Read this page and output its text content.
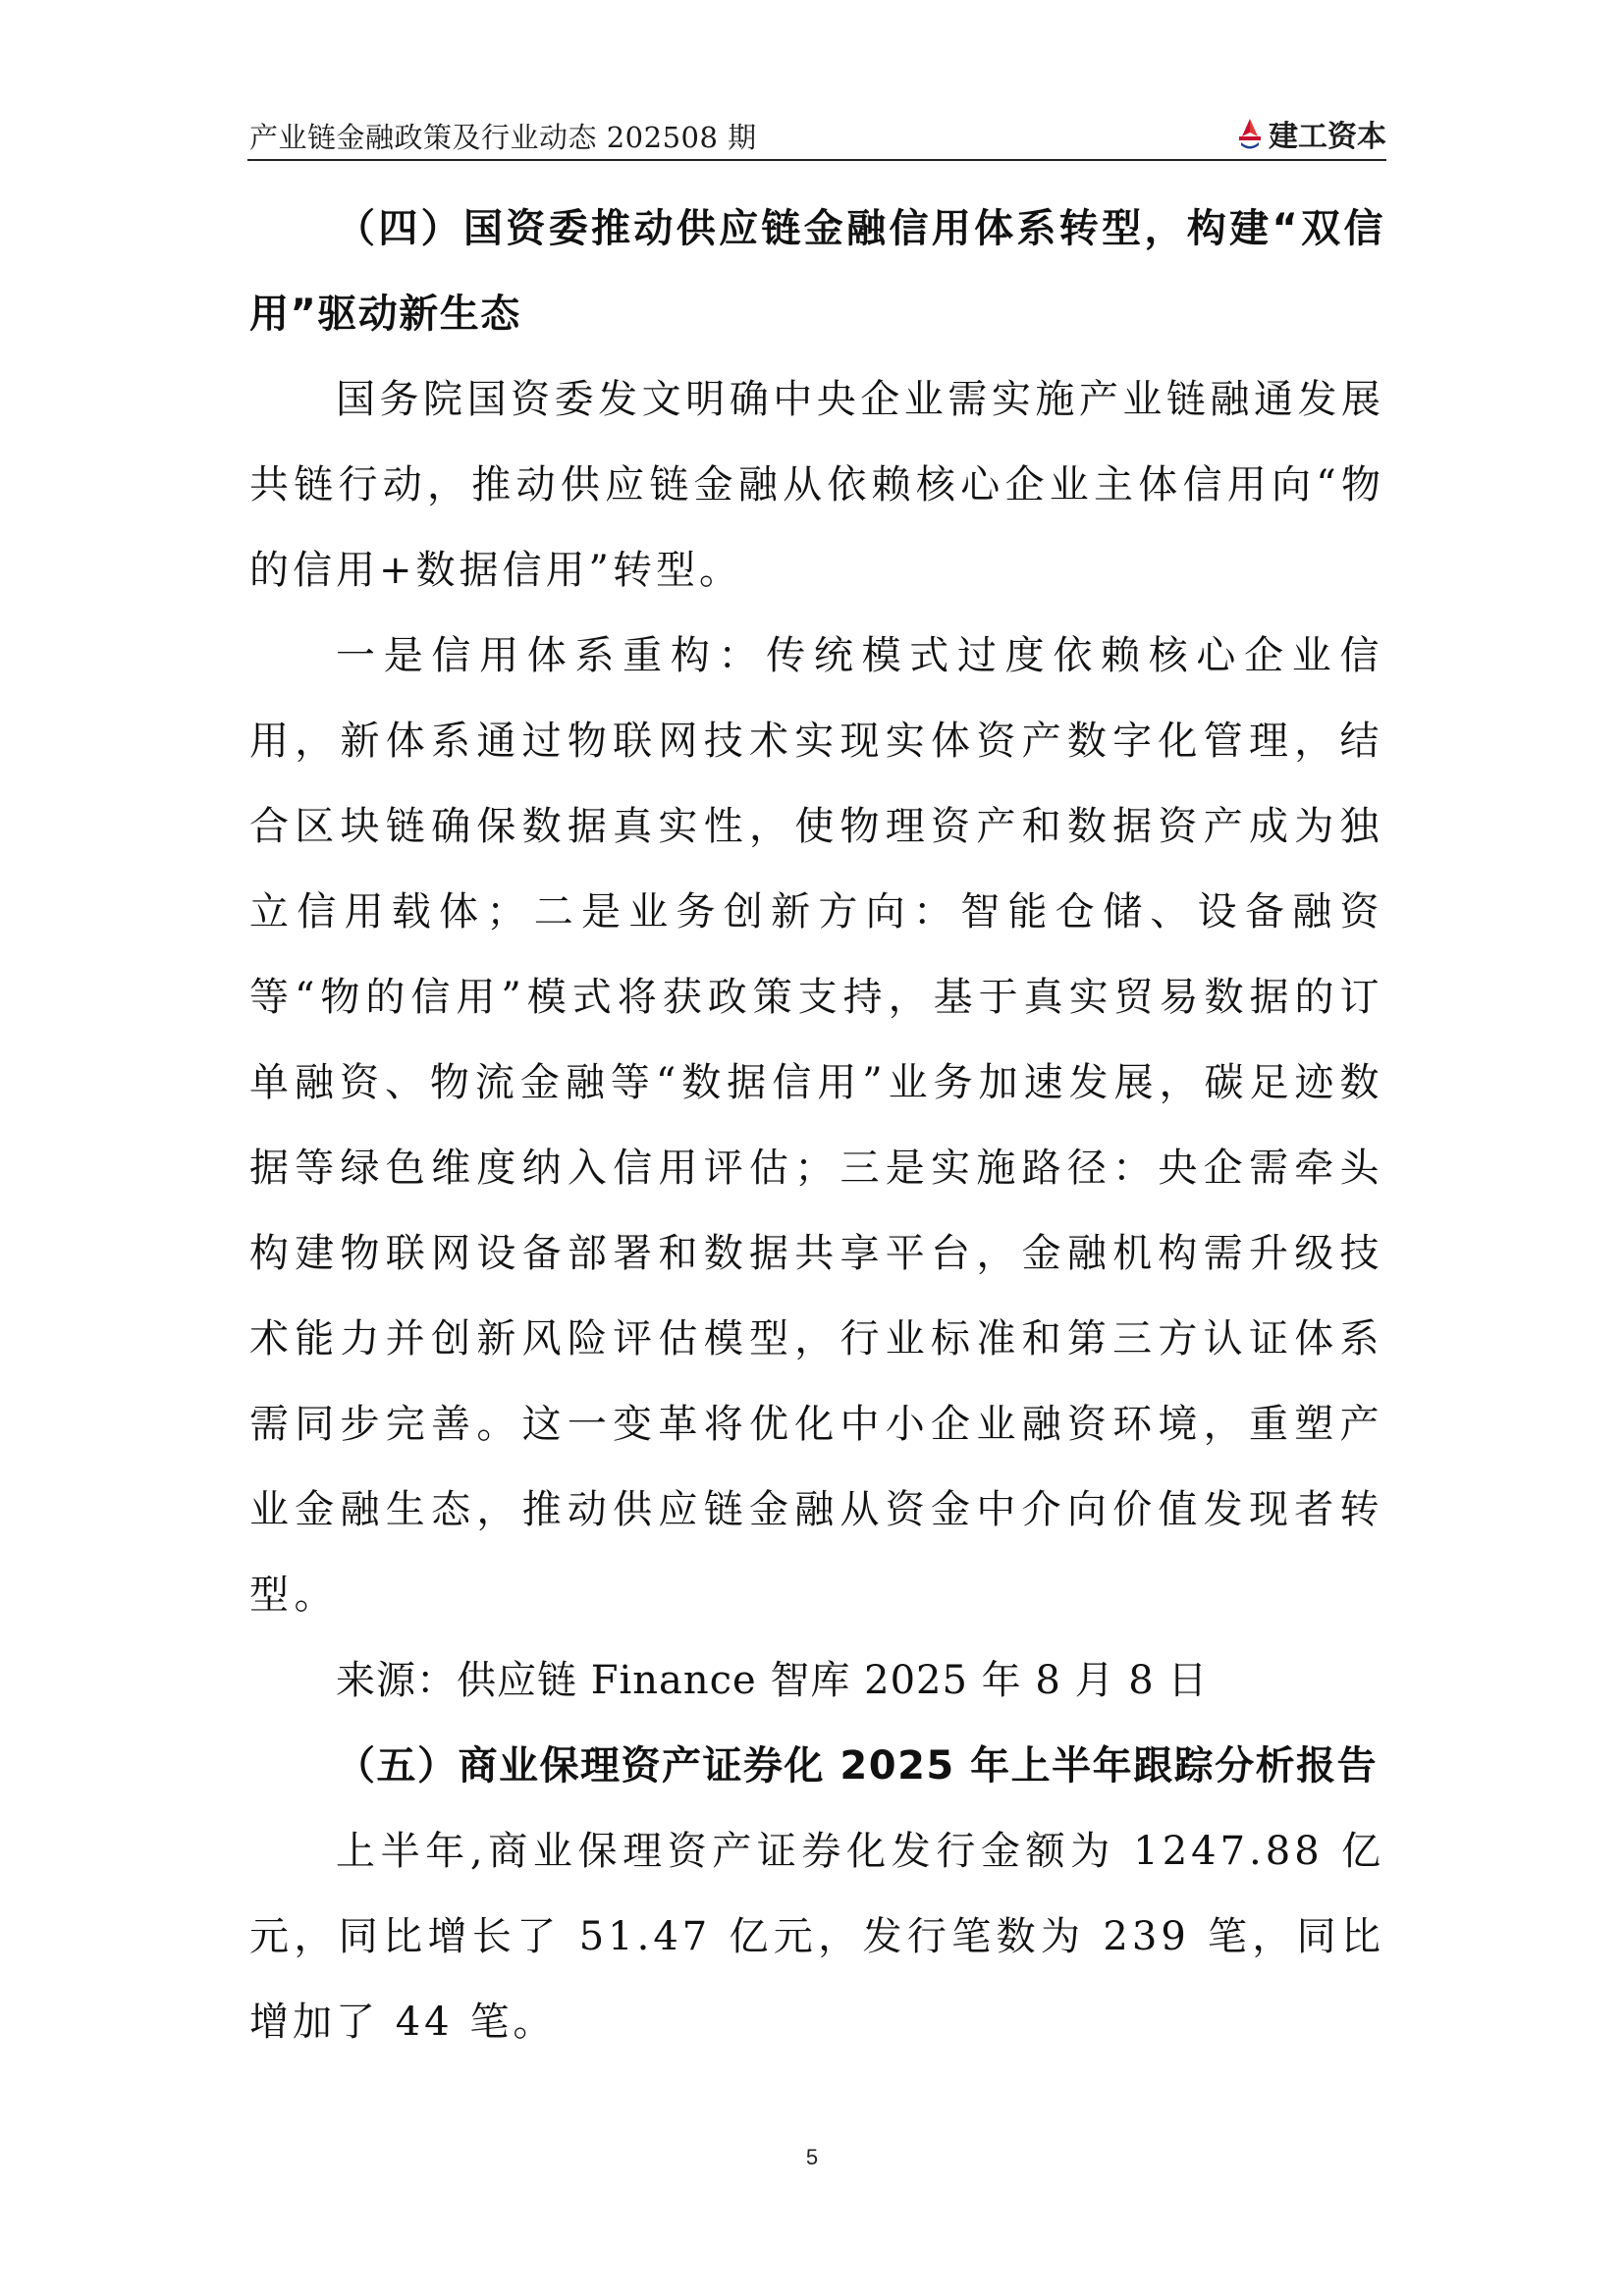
产业链金融政策及行业动态 202508 期	建工资本

（四）国资委推动供应链金融信用体系转型，构建“双信用”驱动新生态

国务院国资委发文明确中央企业需实施产业链融通发展共链行动，推动供应链金融从依赖核心企业主体信用向“物的信用+数据信用”转型。

一是信用体系重构：传统模式过度依赖核心企业信用，新体系通过物联网技术实现实体资产数字化管理，结合区块链确保数据真实性，使物理资产和数据资产成为独立信用载体；二是业务创新方向：智能仓储、设备融资等“物的信用”模式将获政策支持，基于真实贸易数据的订单融资、物流金融等“数据信用”业务加速发展，碳足迹数据等绿色维度纳入信用评估；三是实施路径：央企需牵头构建物联网设备部署和数据共享平台，金融机构需升级技术能力并创新风险评估模型，行业标准和第三方认证体系需同步完善。这一变革将优化中小企业融资环境，重塑产业金融生态，推动供应链金融从资金中介向价值发现者转型。

来源：供应链 Finance 智库 2025 年 8 月 8 日

（五）商业保理资产证券化 2025 年上半年跟踪分析报告

上半年,商业保理资产证券化发行金额为 1247.88 亿元，同比增长了 51.47 亿元，发行笔数为 239 笔，同比增加了 44 笔。

5
